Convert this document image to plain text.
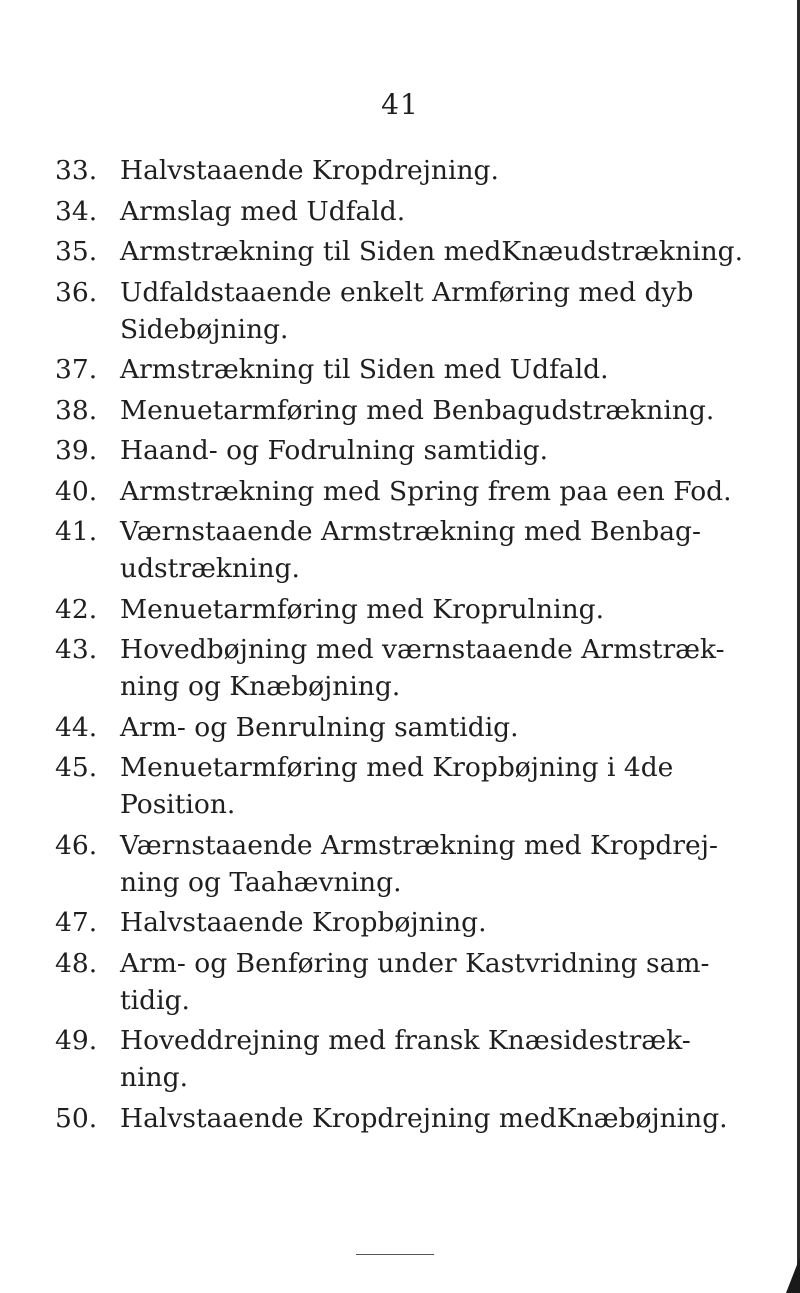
41
33. Halvstaaende Kropdrejning.
34. Armslag med Udfald.
35. Armstrækning til Siden medKnæudstrækning.
36. Udfaldstaaende enkelt Armføring med dyb
Sidebøjning.
37. Armstrækning til Siden med Udfald.
38. Menuetarmføring med Benbagudstrækning.
39. Haand- og Fodrulning samtidig.
40. Armstrækning med Spring frem paa een Fod.
41. Værnstaaende Armstrækning med Benbag-
udstrækning.
42. Menuetarmføring med Kroprulning.
43. Hovedbøjning med værnstaaende Armstræk-
ning og Knæbøjning.
44. Arm- og Benrulning samtidig.
45. Menuetarmføring med Kropbøjning i 4de
Position.
46. Værnstaaende Armstrækning med Kropdrej-
ning og Taahævning.
47. Halvstaaende Kropbøjning.
48. Arm- og Benføring under Kastvridning sam-
tidig.
49. Hoveddrejning med fransk Knæsidestræk-
ning.
50. Halvstaaende Kropdrejning medKnæbøjning.
